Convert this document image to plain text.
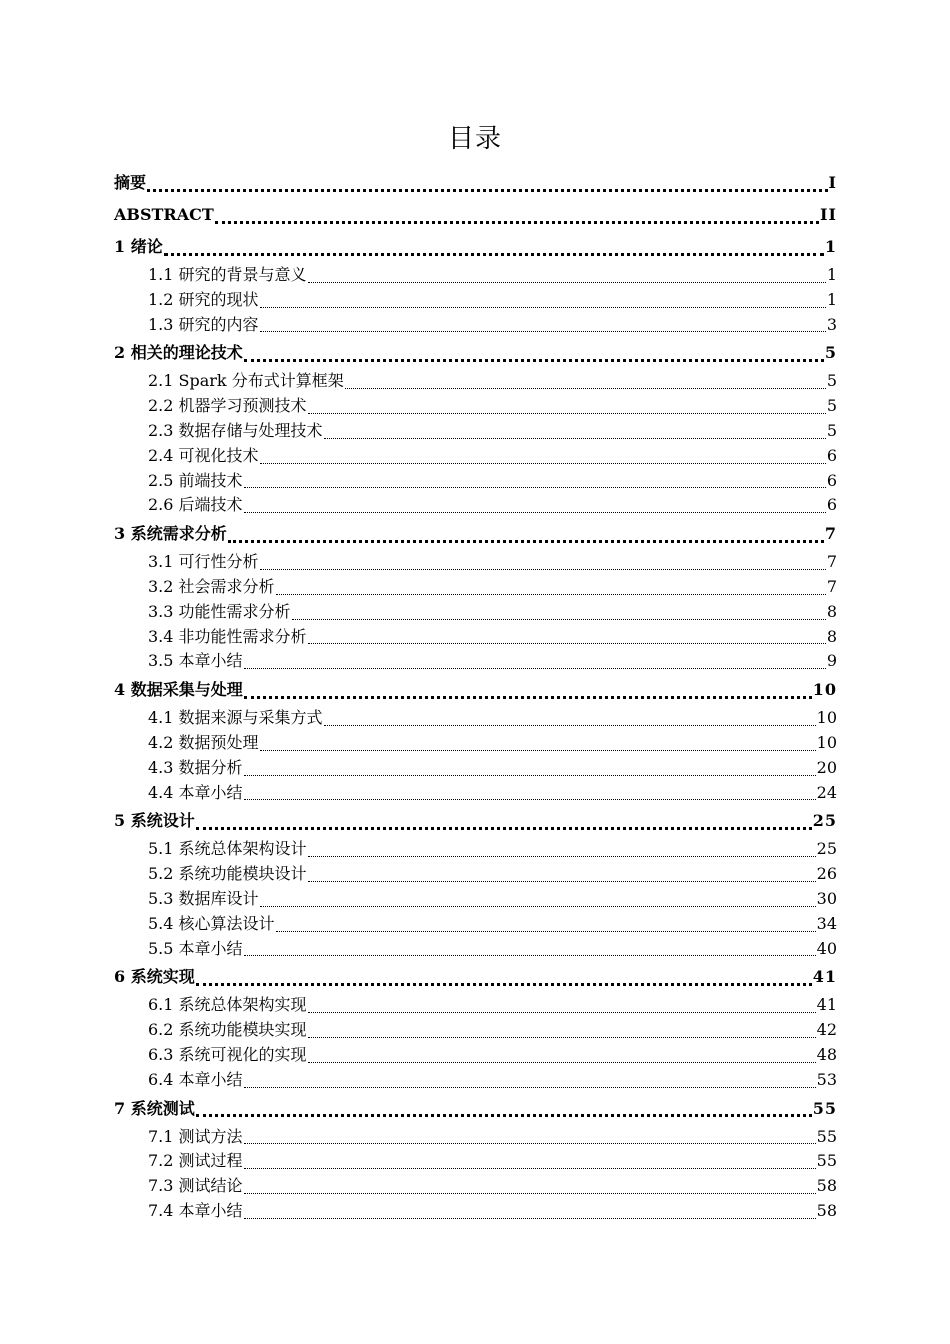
目录
摘要	I
ABSTRACT	II
1 绪论	1
1.1 研究的背景与意义	1
1.2 研究的现状	1
1.3 研究的内容	3
2 相关的理论技术	5
2.1 Spark 分布式计算框架	5
2.2 机器学习预测技术	5
2.3 数据存储与处理技术	5
2.4 可视化技术	6
2.5 前端技术	6
2.6 后端技术	6
3 系统需求分析	7
3.1 可行性分析	7
3.2 社会需求分析	7
3.3 功能性需求分析	8
3.4 非功能性需求分析	8
3.5 本章小结	9
4 数据采集与处理	10
4.1 数据来源与采集方式	10
4.2 数据预处理	10
4.3 数据分析	20
4.4 本章小结	24
5 系统设计	25
5.1 系统总体架构设计	25
5.2 系统功能模块设计	26
5.3 数据库设计	30
5.4 核心算法设计	34
5.5 本章小结	40
6 系统实现	41
6.1 系统总体架构实现	41
6.2 系统功能模块实现	42
6.3 系统可视化的实现	48
6.4 本章小结	53
7 系统测试	55
7.1 测试方法	55
7.2 测试过程	55
7.3 测试结论	58
7.4 本章小结	58
